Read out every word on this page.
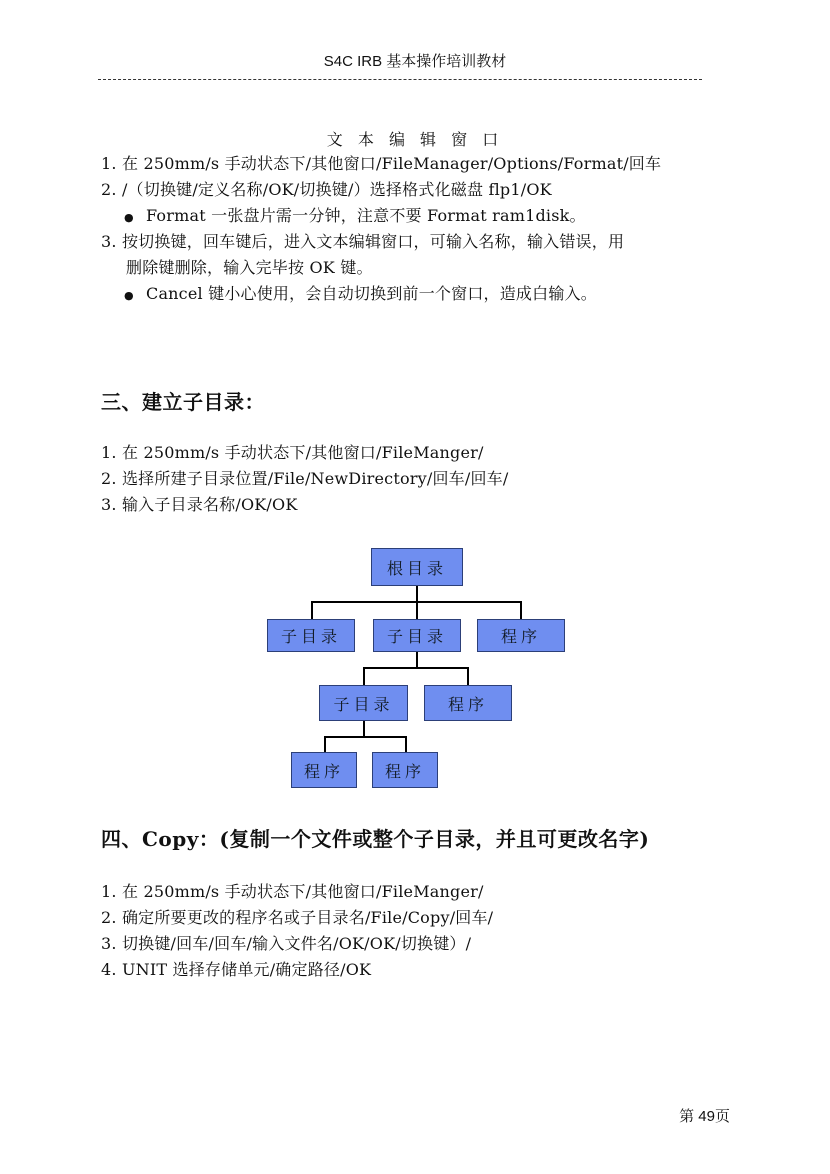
S4C IRB 基本操作培训教材
文 本 编 辑 窗 口
1. 在 250mm/s 手动状态下/其他窗口/FileManager/Options/Format/回车
2. /（切换键/定义名称/OK/切换键/）选择格式化磁盘 flp1/OK
● Format 一张盘片需一分钟，注意不要 Format ram1disk。
3. 按切换键，回车键后，进入文本编辑窗口，可输入名称，输入错误，用
删除键删除，输入完毕按 OK 键。
● Cancel 键小心使用，会自动切换到前一个窗口，造成白输入。
三、建立子目录：
1. 在 250mm/s 手动状态下/其他窗口/FileManger/
2. 选择所建子目录位置/File/NewDirectory/回车/回车/
3. 输入子目录名称/OK/OK
根目录
子目录	子目录	程序
子目录	程序
程序	程序
四、Copy：(复制一个文件或整个子目录，并且可更改名字)
1. 在 250mm/s 手动状态下/其他窗口/FileManger/
2. 确定所要更改的程序名或子目录名/File/Copy/回车/
3. 切换键/回车/回车/输入文件名/OK/OK/切换键）/
4. UNIT 选择存储单元/确定路径/OK
第 49页
